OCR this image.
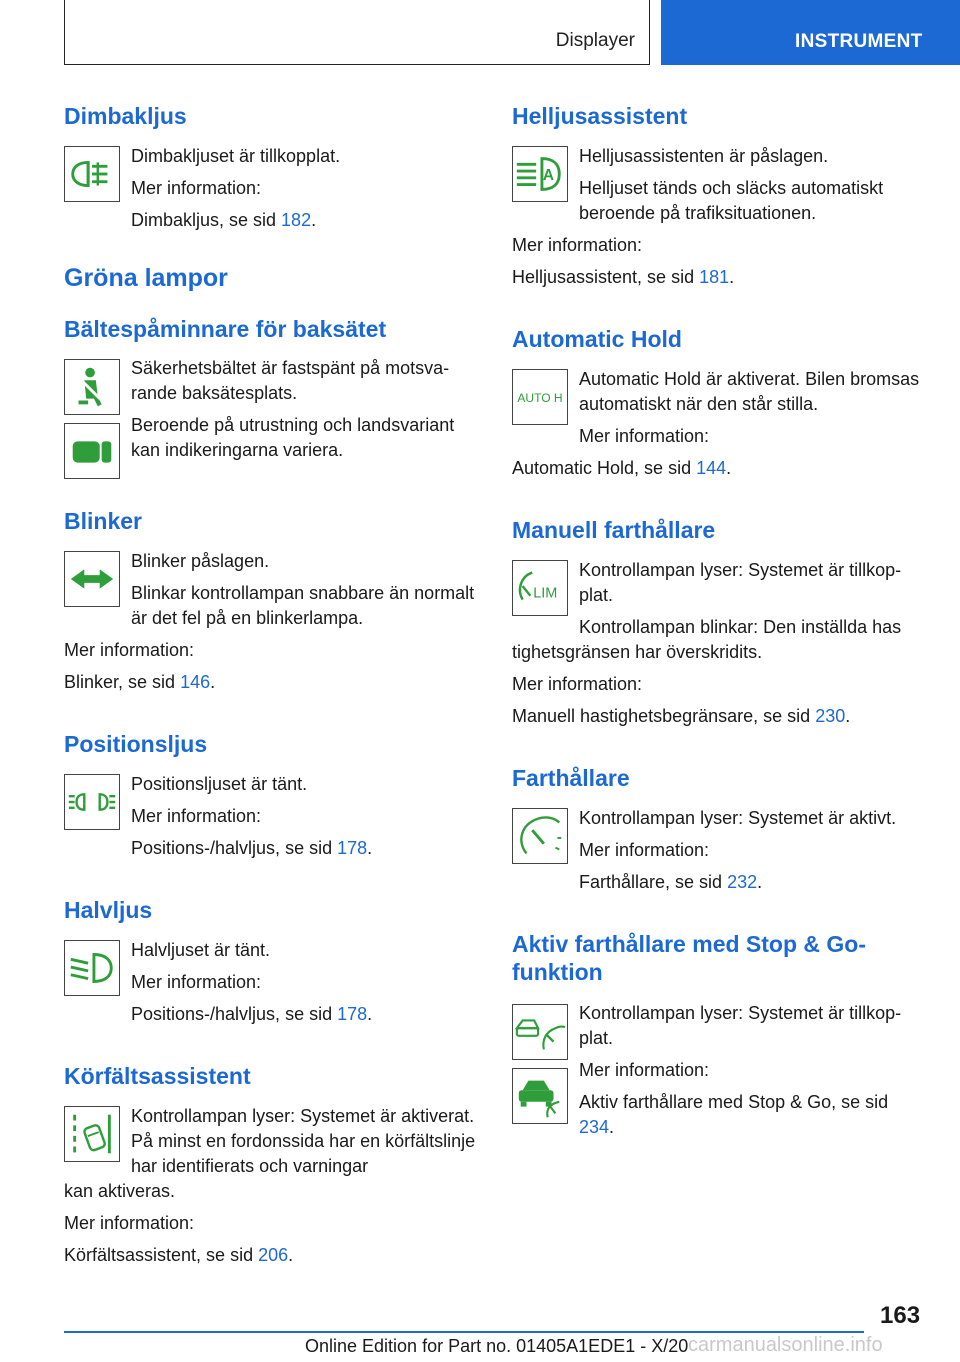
Displayer	INSTRUMENT
Dimbakljus
Dimbakljuset är tillkopplat.
Mer information:
Dimbakljus, se sid 182.
Gröna lampor
Bältespåminnare för baksätet
Säkerhetsbältet är fastspänt på motsvarande baksätesplats.
Beroende på utrustning och landsvariant kan indikeringarna variera.
Blinker
Blinker påslagen.
Blinkar kontrollampan snabbare än normalt är det fel på en blinkerlampa.
Mer information:
Blinker, se sid 146.
Positionsljus
Positionsljuset är tänt.
Mer information:
Positions-/halvljus, se sid 178.
Halvljus
Halvljuset är tänt.
Mer information:
Positions-/halvljus, se sid 178.
Körfältsassistent
Kontrollampan lyser: Systemet är aktiverat. På minst en fordonssida har en körfältslinje har identifierats och varningar
kan aktiveras.
Mer information:
Körfältsassistent, se sid 206.
Helljusassistent
A
Helljusassistenten är påslagen.
Helljuset tänds och släcks automatiskt beroende på trafiksituationen.
Mer information:
Helljusassistent, se sid 181.
Automatic Hold
AUTO H
Automatic Hold är aktiverat. Bilen bromsas automatiskt när den står stilla.
Mer information:
Automatic Hold, se sid 144.
Manuell farthållare
LIM
Kontrollampan lyser: Systemet är tillkopplat.
Kontrollampan blinkar: Den inställda has
tighetsgränsen har överskridits.
Mer information:
Manuell hastighetsbegränsare, se sid 230.
Farthållare
Kontrollampan lyser: Systemet är aktivt.
Mer information:
Farthållare, se sid 232.
Aktiv farthållare med Stop & Go-funktion
Kontrollampan lyser: Systemet är tillkopplat.
Mer information:
Aktiv farthållare med Stop & Go, se sid 234.
163
Online Edition for Part no. 01405A1EDE1 - X/20 carmanualsonline.info
